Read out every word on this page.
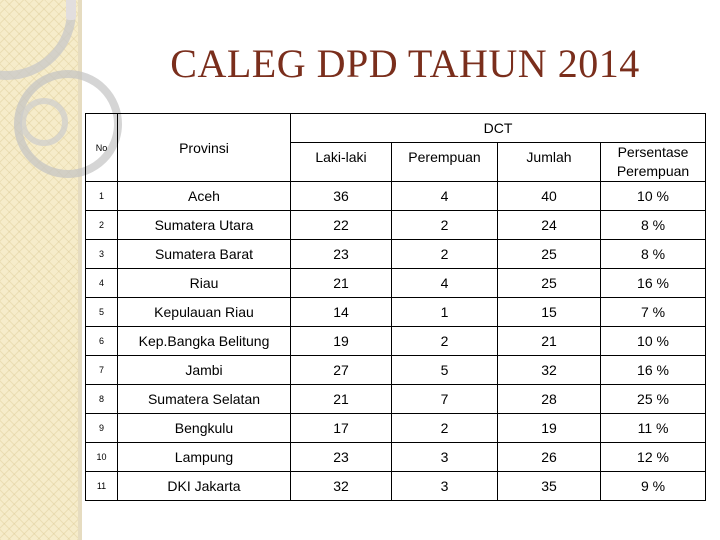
CALEG DPD TAHUN 2014
No	Provinsi	DCT			
		Laki-laki	Perempuan	Jumlah	Persentase
Perempuan
1	Aceh	36	4	40	10 %
2	Sumatera Utara	22	2	24	8 %
3	Sumatera Barat	23	2	25	8 %
4	Riau	21	4	25	16 %
5	Kepulauan Riau	14	1	15	7 %
6	Kep.Bangka Belitung	19	2	21	10 %
7	Jambi	27	5	32	16 %
8	Sumatera Selatan	21	7	28	25 %
9	Bengkulu	17	2	19	11 %
10	Lampung	23	3	26	12 %
11	DKI Jakarta	32	3	35	9 %
